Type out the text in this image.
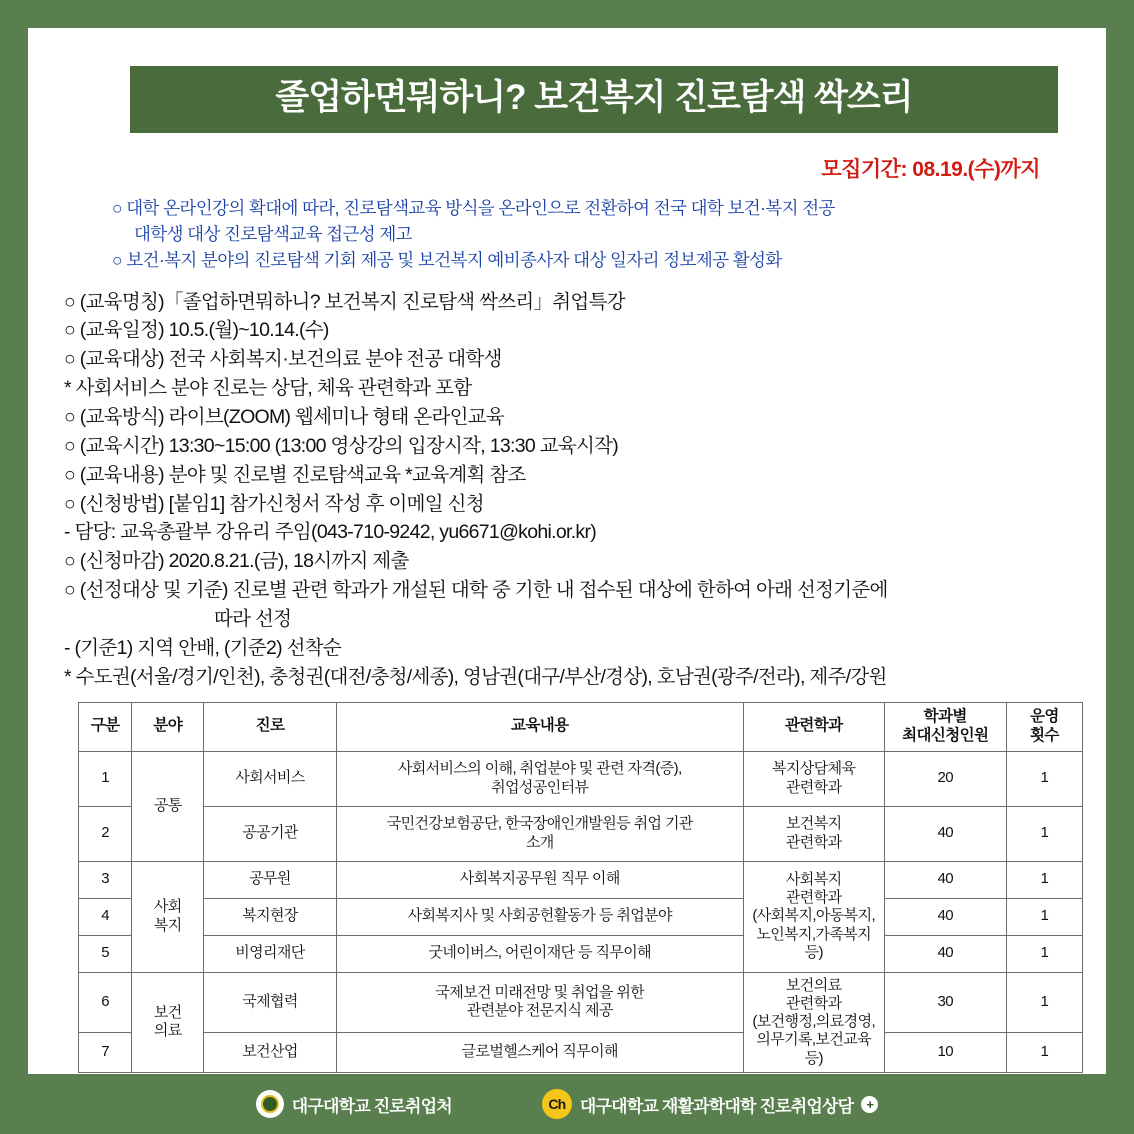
졸업하면뭐하니? 보건복지 진로탐색 싹쓰리
모집기간: 08.19.(수)까지
○ 대학 온라인강의 확대에 따라, 진로탐색교육 방식을 온라인으로 전환하여 전국 대학 보건·복지 전공
대학생 대상 진로탐색교육 접근성 제고
○ 보건·복지 분야의 진로탐색 기회 제공 및 보건복지 예비종사자 대상 일자리 정보제공 활성화
○ (교육명칭)「졸업하면뭐하니? 보건복지 진로탐색 싹쓰리」취업특강
○ (교육일정) 10.5.(월)~10.14.(수)
○ (교육대상) 전국 사회복지·보건의료 분야 전공 대학생
* 사회서비스 분야 진로는 상담, 체육 관련학과 포함
○ (교육방식) 라이브(ZOOM) 웹세미나 형태 온라인교육
○ (교육시간) 13:30~15:00 (13:00 영상강의 입장시작, 13:30 교육시작)
○ (교육내용) 분야 및 진로별 진로탐색교육 *교육계획 참조
○ (신청방법) [붙임1] 참가신청서 작성 후 이메일 신청
- 담당: 교육총괄부 강유리 주임(043-710-9242, yu6671@kohi.or.kr)
○ (신청마감) 2020.8.21.(금), 18시까지 제출
○ (선정대상 및 기준) 진로별 관련 학과가 개설된 대학 중 기한 내 접수된 대상에 한하여 아래 선정기준에
따라 선정
- (기준1) 지역 안배, (기준2) 선착순
* 수도권(서울/경기/인천), 충청권(대전/충청/세종), 영남권(대구/부산/경상), 호남권(광주/전라), 제주/강원
구분	분야	진로	교육내용	관련학과	학과별
최대신청인원	운영
횟수
1	공통	사회서비스	사회서비스의 이해, 취업분야 및 관련 자격(증),
취업성공인터뷰	복지상담체육
관련학과	20	1
2		공공기관	국민건강보험공단, 한국장애인개발원등 취업 기관
소개	보건복지
관련학과	40	1
3	사회
복지	공무원	사회복지공무원 직무 이해	사회복지
관련학과
(사회복지,아동복지,
노인복지,가족복지 등)	40	1
4		복지현장	사회복지사 및 사회공헌활동가 등 취업분야		40	1
5		비영리재단	굿네이버스, 어린이재단 등 직무이해		40	1
6	보건
의료	국제협력	국제보건 미래전망 및 취업을 위한
관련분야 전문지식 제공	보건의료
관련학과
(보건행정,의료경영,
의무기록,보건교육 등)	30	1
7		보건산업	글로벌헬스케어 직무이해		10	1
대구대학교 진로취업처	Ch 대구대학교 재활과학대학 진로취업상담	+
